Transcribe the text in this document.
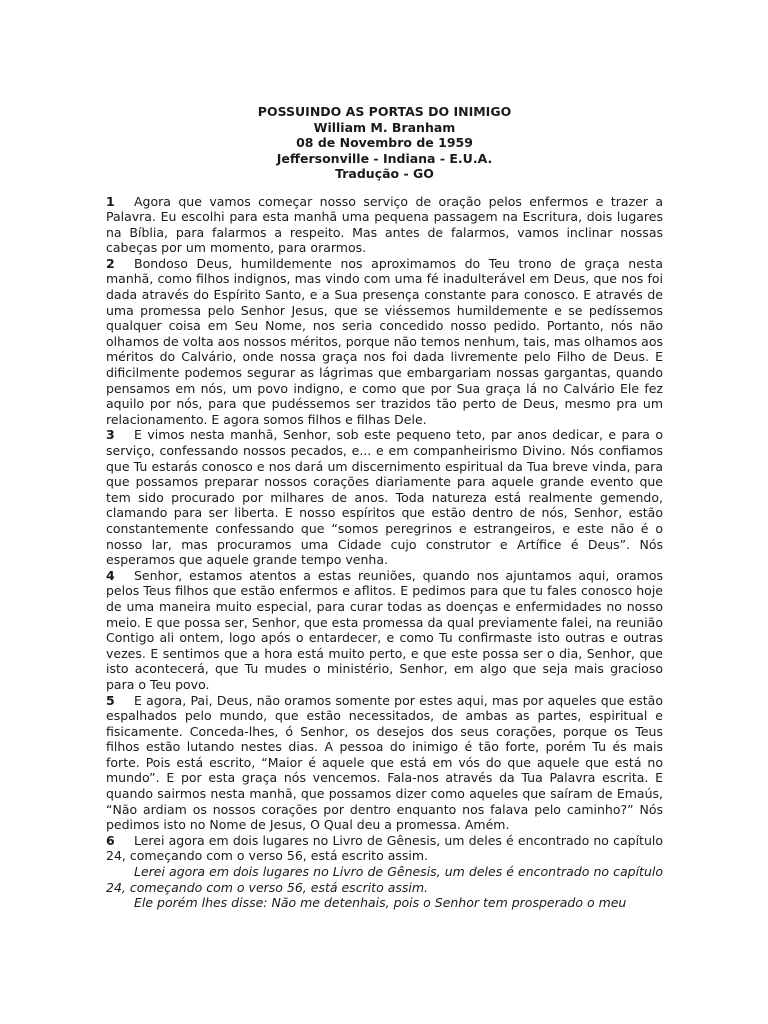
POSSUINDO AS PORTAS DO INIMIGO
William M. Branham
08 de Novembro de 1959
Jeffersonville - Indiana - E.U.A.
Tradução - GO

1 Agora que vamos começar nosso serviço de oração pelos enfermos e trazer a Palavra. Eu escolhi para esta manhã uma pequena passagem na Escritura, dois lugares na Bíblia, para falarmos a respeito. Mas antes de falarmos, vamos inclinar nossas cabeças por um momento, para orarmos.

2 Bondoso Deus, humildemente nos aproximamos do Teu trono de graça nesta manhã, como filhos indignos, mas vindo com uma fé inadulterável em Deus, que nos foi dada através do Espírito Santo, e a Sua presença constante para conosco. E através de uma promessa pelo Senhor Jesus, que se viéssemos humildemente e se pedíssemos qualquer coisa em Seu Nome, nos seria concedido nosso pedido. Portanto, nós não olhamos de volta aos nossos méritos, porque não temos nenhum, tais, mas olhamos aos méritos do Calvário, onde nossa graça nos foi dada livremente pelo Filho de Deus. E dificilmente podemos segurar as lágrimas que embargariam nossas gargantas, quando pensamos em nós, um povo indigno, e como que por Sua graça lá no Calvário Ele fez aquilo por nós, para que pudéssemos ser trazidos tão perto de Deus, mesmo pra um relacionamento. E agora somos filhos e filhas Dele.

3 E vimos nesta manhã, Senhor, sob este pequeno teto, par anos dedicar, e para o serviço, confessando nossos pecados, e... e em companheirismo Divino. Nós confiamos que Tu estarás conosco e nos dará um discernimento espiritual da Tua breve vinda, para que possamos preparar nossos corações diariamente para aquele grande evento que tem sido procurado por milhares de anos. Toda natureza está realmente gemendo, clamando para ser liberta. E nosso espíritos que estão dentro de nós, Senhor, estão constantemente confessando que “somos peregrinos e estrangeiros, e este não é o nosso lar, mas procuramos uma Cidade cujo construtor e Artífice é Deus”. Nós esperamos que aquele grande tempo venha.

4 Senhor, estamos atentos a estas reuniões, quando nos ajuntamos aqui, oramos pelos Teus filhos que estão enfermos e aflitos. E pedimos para que tu fales conosco hoje de uma maneira muito especial, para curar todas as doenças e enfermidades no nosso meio. E que possa ser, Senhor, que esta promessa da qual previamente falei, na reunião Contigo ali ontem, logo após o entardecer, e como Tu confirmaste isto outras e outras vezes. E sentimos que a hora está muito perto, e que este possa ser o dia, Senhor, que isto acontecerá, que Tu mudes o ministério, Senhor, em algo que seja mais gracioso para o Teu povo.

5 E agora, Pai, Deus, não oramos somente por estes aqui, mas por aqueles que estão espalhados pelo mundo, que estão necessitados, de ambas as partes, espiritual e fisicamente. Conceda-lhes, ó Senhor, os desejos dos seus corações, porque os Teus filhos estão lutando nestes dias. A pessoa do inimigo é tão forte, porém Tu és mais forte. Pois está escrito, “Maior é aquele que está em vós do que aquele que está no mundo”. E por esta graça nós vencemos. Fala-nos através da Tua Palavra escrita. E quando sairmos nesta manhã, que possamos dizer como aqueles que saíram de Emaús, “Não ardiam os nossos corações por dentro enquanto nos falava pelo caminho?” Nós pedimos isto no Nome de Jesus, O Qual deu a promessa. Amém.

6 Lerei agora em dois lugares no Livro de Gênesis, um deles é encontrado no capítulo 24, começando com o verso 56, está escrito assim.

Lerei agora em dois lugares no Livro de Gênesis, um deles é encontrado no capítulo 24, começando com o verso 56, está escrito assim.

Ele porém lhes disse: Não me detenhais, pois o Senhor tem prosperado o meu
